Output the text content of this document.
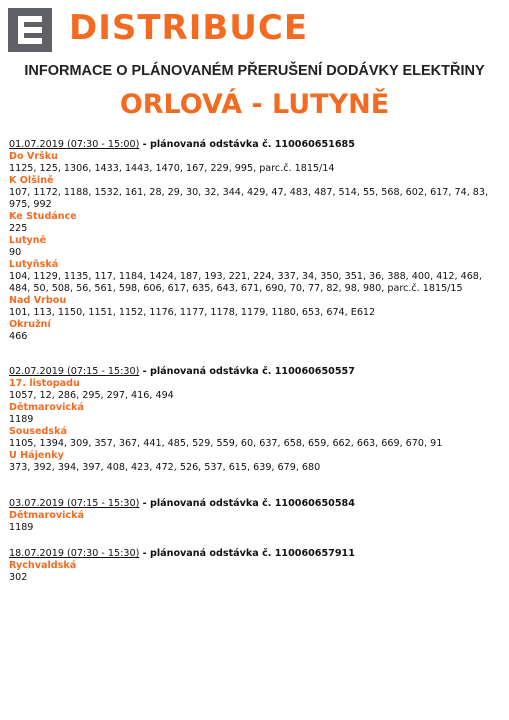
DISTRIBUCE
INFORMACE O PLÁNOVANÉM PŘERUŠENÍ DODÁVKY ELEKTŘINY
ORLOVÁ - LUTYNĚ
01.07.2019 (07:30 - 15:00) - plánovaná odstávka č. 110060651685
Do Vršku
1125, 125, 1306, 1433, 1443, 1470, 167, 229, 995, parc.č. 1815/14
K Olšině
107, 1172, 1188, 1532, 161, 28, 29, 30, 32, 344, 429, 47, 483, 487, 514, 55, 568, 602, 617, 74, 83, 975, 992
Ke Studánce
225
Lutyně
90
Lutyňská
104, 1129, 1135, 117, 1184, 1424, 187, 193, 221, 224, 337, 34, 350, 351, 36, 388, 400, 412, 468, 484, 50, 508, 56, 561, 598, 606, 617, 635, 643, 671, 690, 70, 77, 82, 98, 980, parc.č. 1815/15
Nad Vrbou
101, 113, 1150, 1151, 1152, 1176, 1177, 1178, 1179, 1180, 653, 674, E612
Okružní
466
02.07.2019 (07:15 - 15:30) - plánovaná odstávka č. 110060650557
17. listopadu
1057, 12, 286, 295, 297, 416, 494
Dětmarovická
1189
Sousedská
1105, 1394, 309, 357, 367, 441, 485, 529, 559, 60, 637, 658, 659, 662, 663, 669, 670, 91
U Hájenky
373, 392, 394, 397, 408, 423, 472, 526, 537, 615, 639, 679, 680
03.07.2019 (07:15 - 15:30) - plánovaná odstávka č. 110060650584
Dětmarovická
1189
18.07.2019 (07:30 - 15:30) - plánovaná odstávka č. 110060657911
Rychvaldská
302
